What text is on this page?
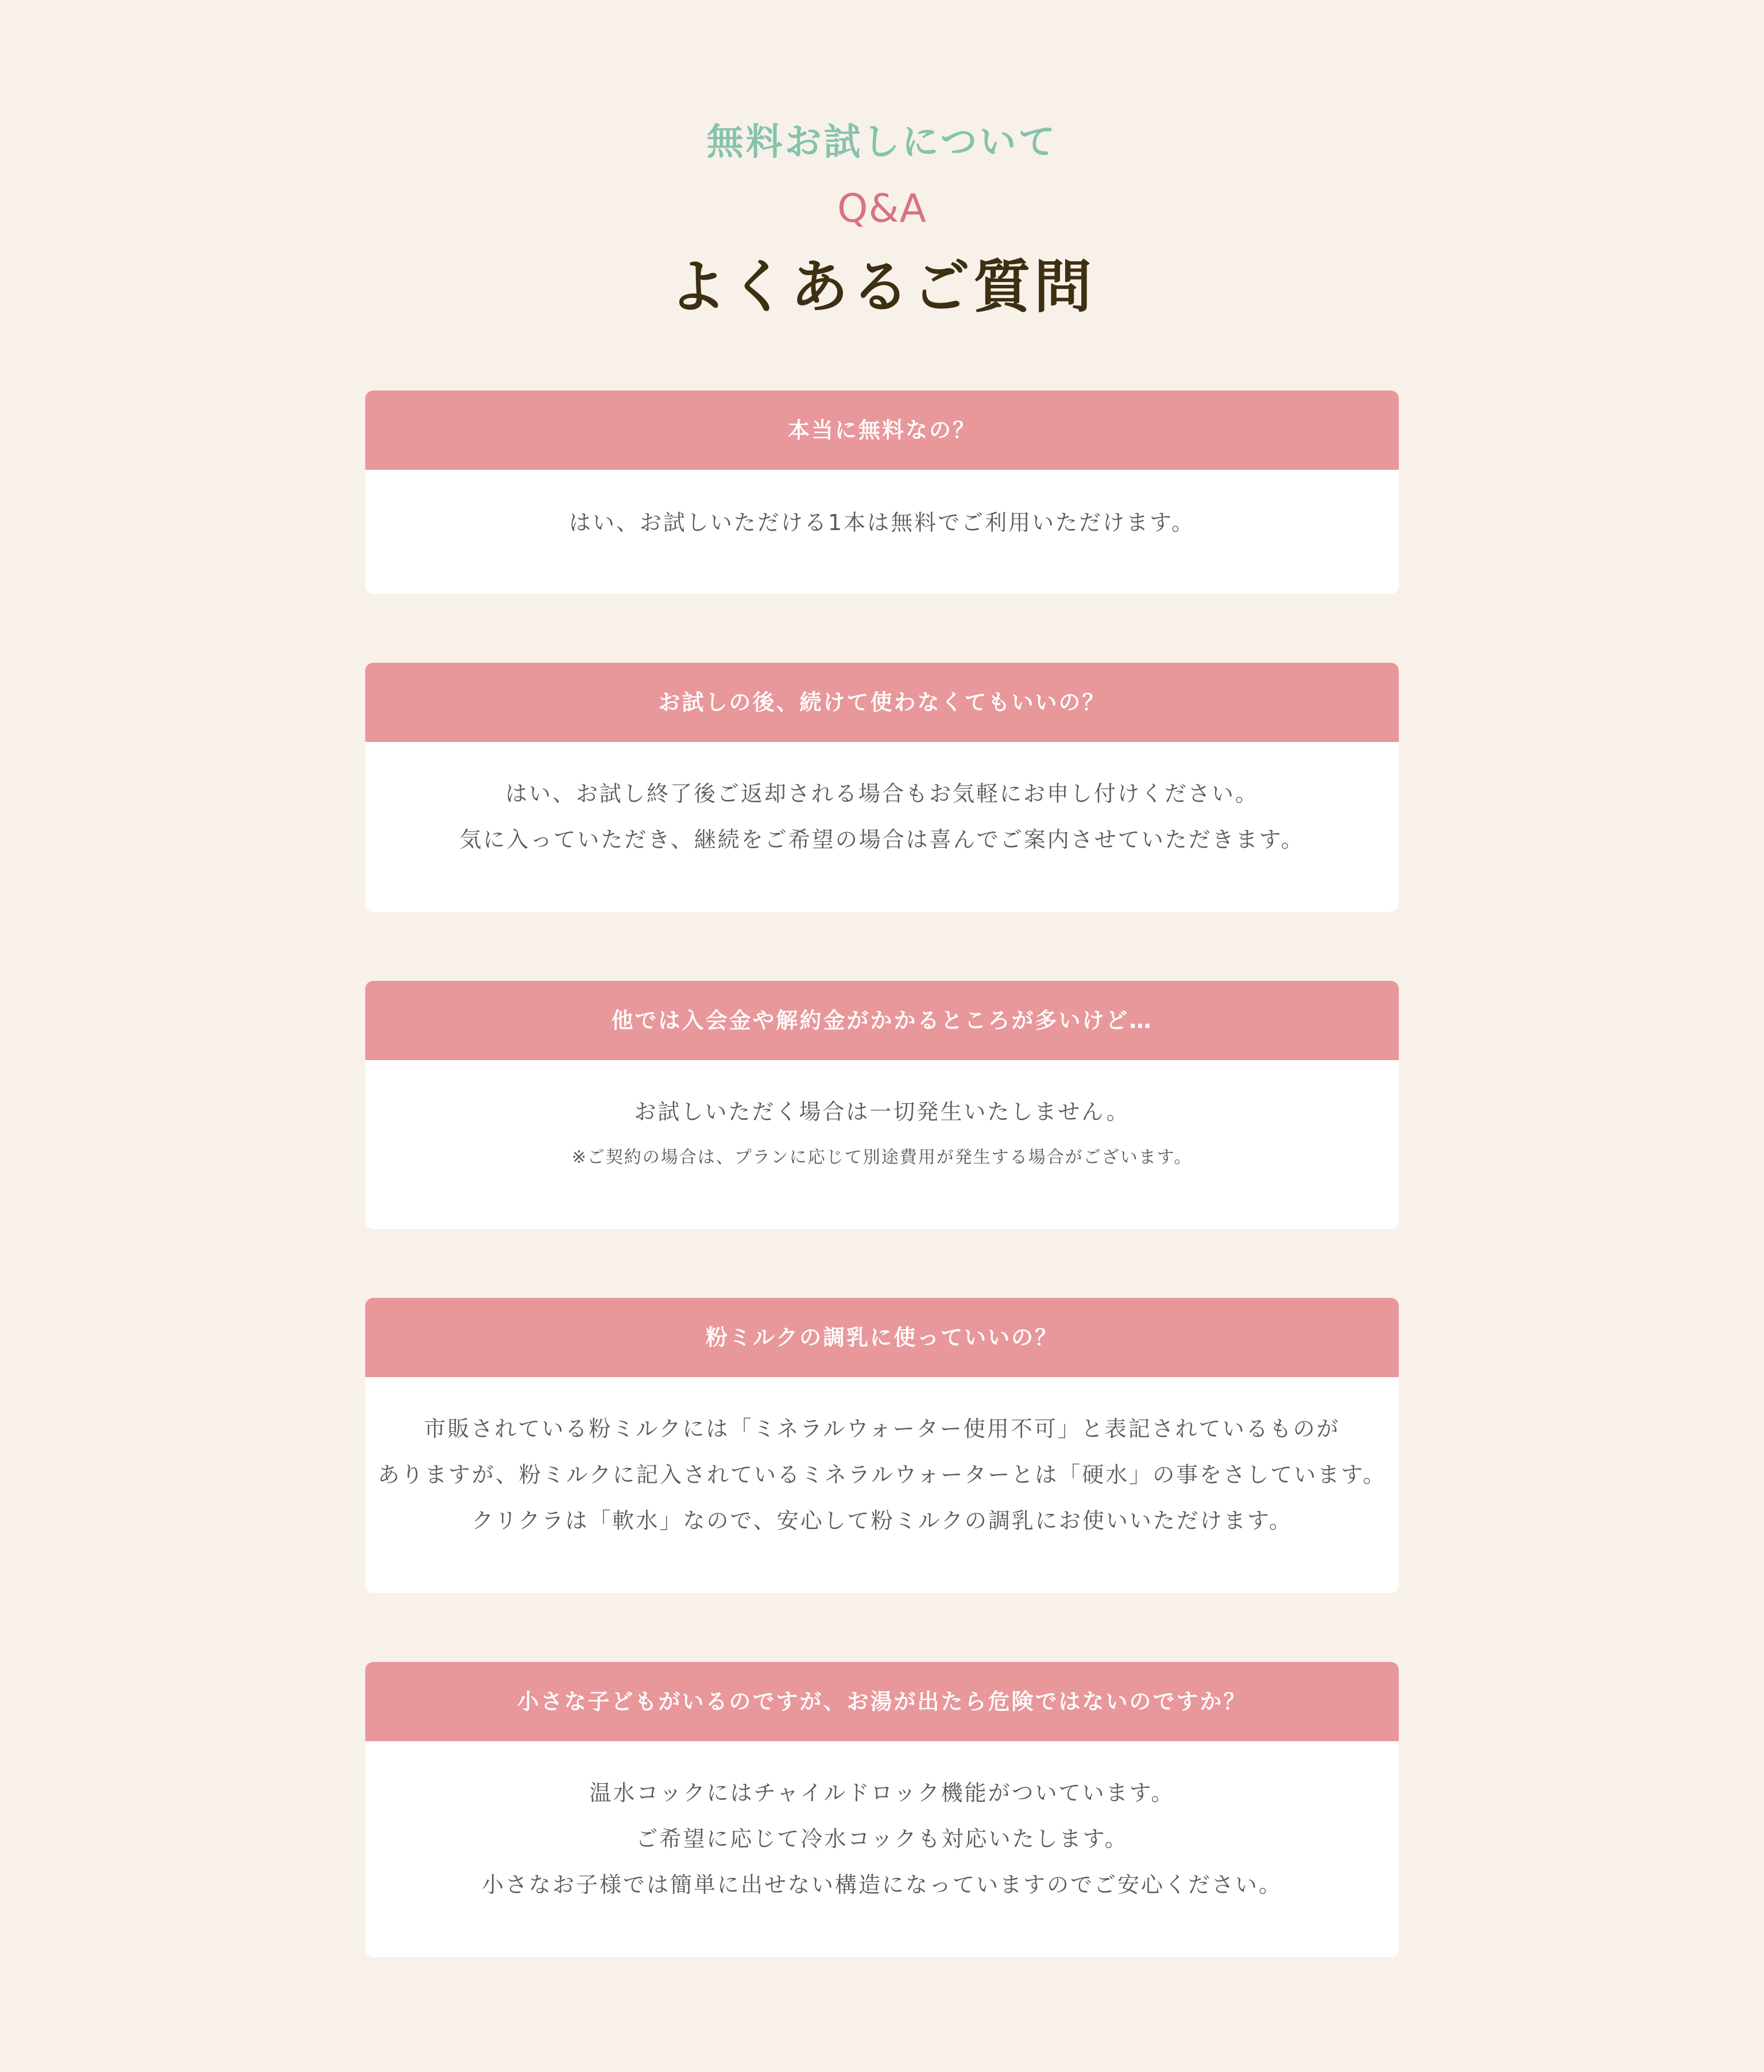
無料お試しについて
Q&A
よくあるご質問
本当に無料なの？
はい、お試しいただける1本は無料でご利用いただけます。
お試しの後、続けて使わなくてもいいの？
はい、お試し終了後ご返却される場合もお気軽にお申し付けください。
気に入っていただき、継続をご希望の場合は喜んでご案内させていただきます。
他では入会金や解約金がかかるところが多いけど…
お試しいただく場合は一切発生いたしません。
※ご契約の場合は、プランに応じて別途費用が発生する場合がございます。
粉ミルクの調乳に使っていいの？
市販されている粉ミルクには「ミネラルウォーター使用不可」と表記されているものが
ありますが、粉ミルクに記入されているミネラルウォーターとは「硬水」の事をさしています。
クリクラは「軟水」なので、安心して粉ミルクの調乳にお使いいただけます。
小さな子どもがいるのですが、お湯が出たら危険ではないのですか？
温水コックにはチャイルドロック機能がついています。
ご希望に応じて冷水コックも対応いたします。
小さなお子様では簡単に出せない構造になっていますのでご安心ください。
